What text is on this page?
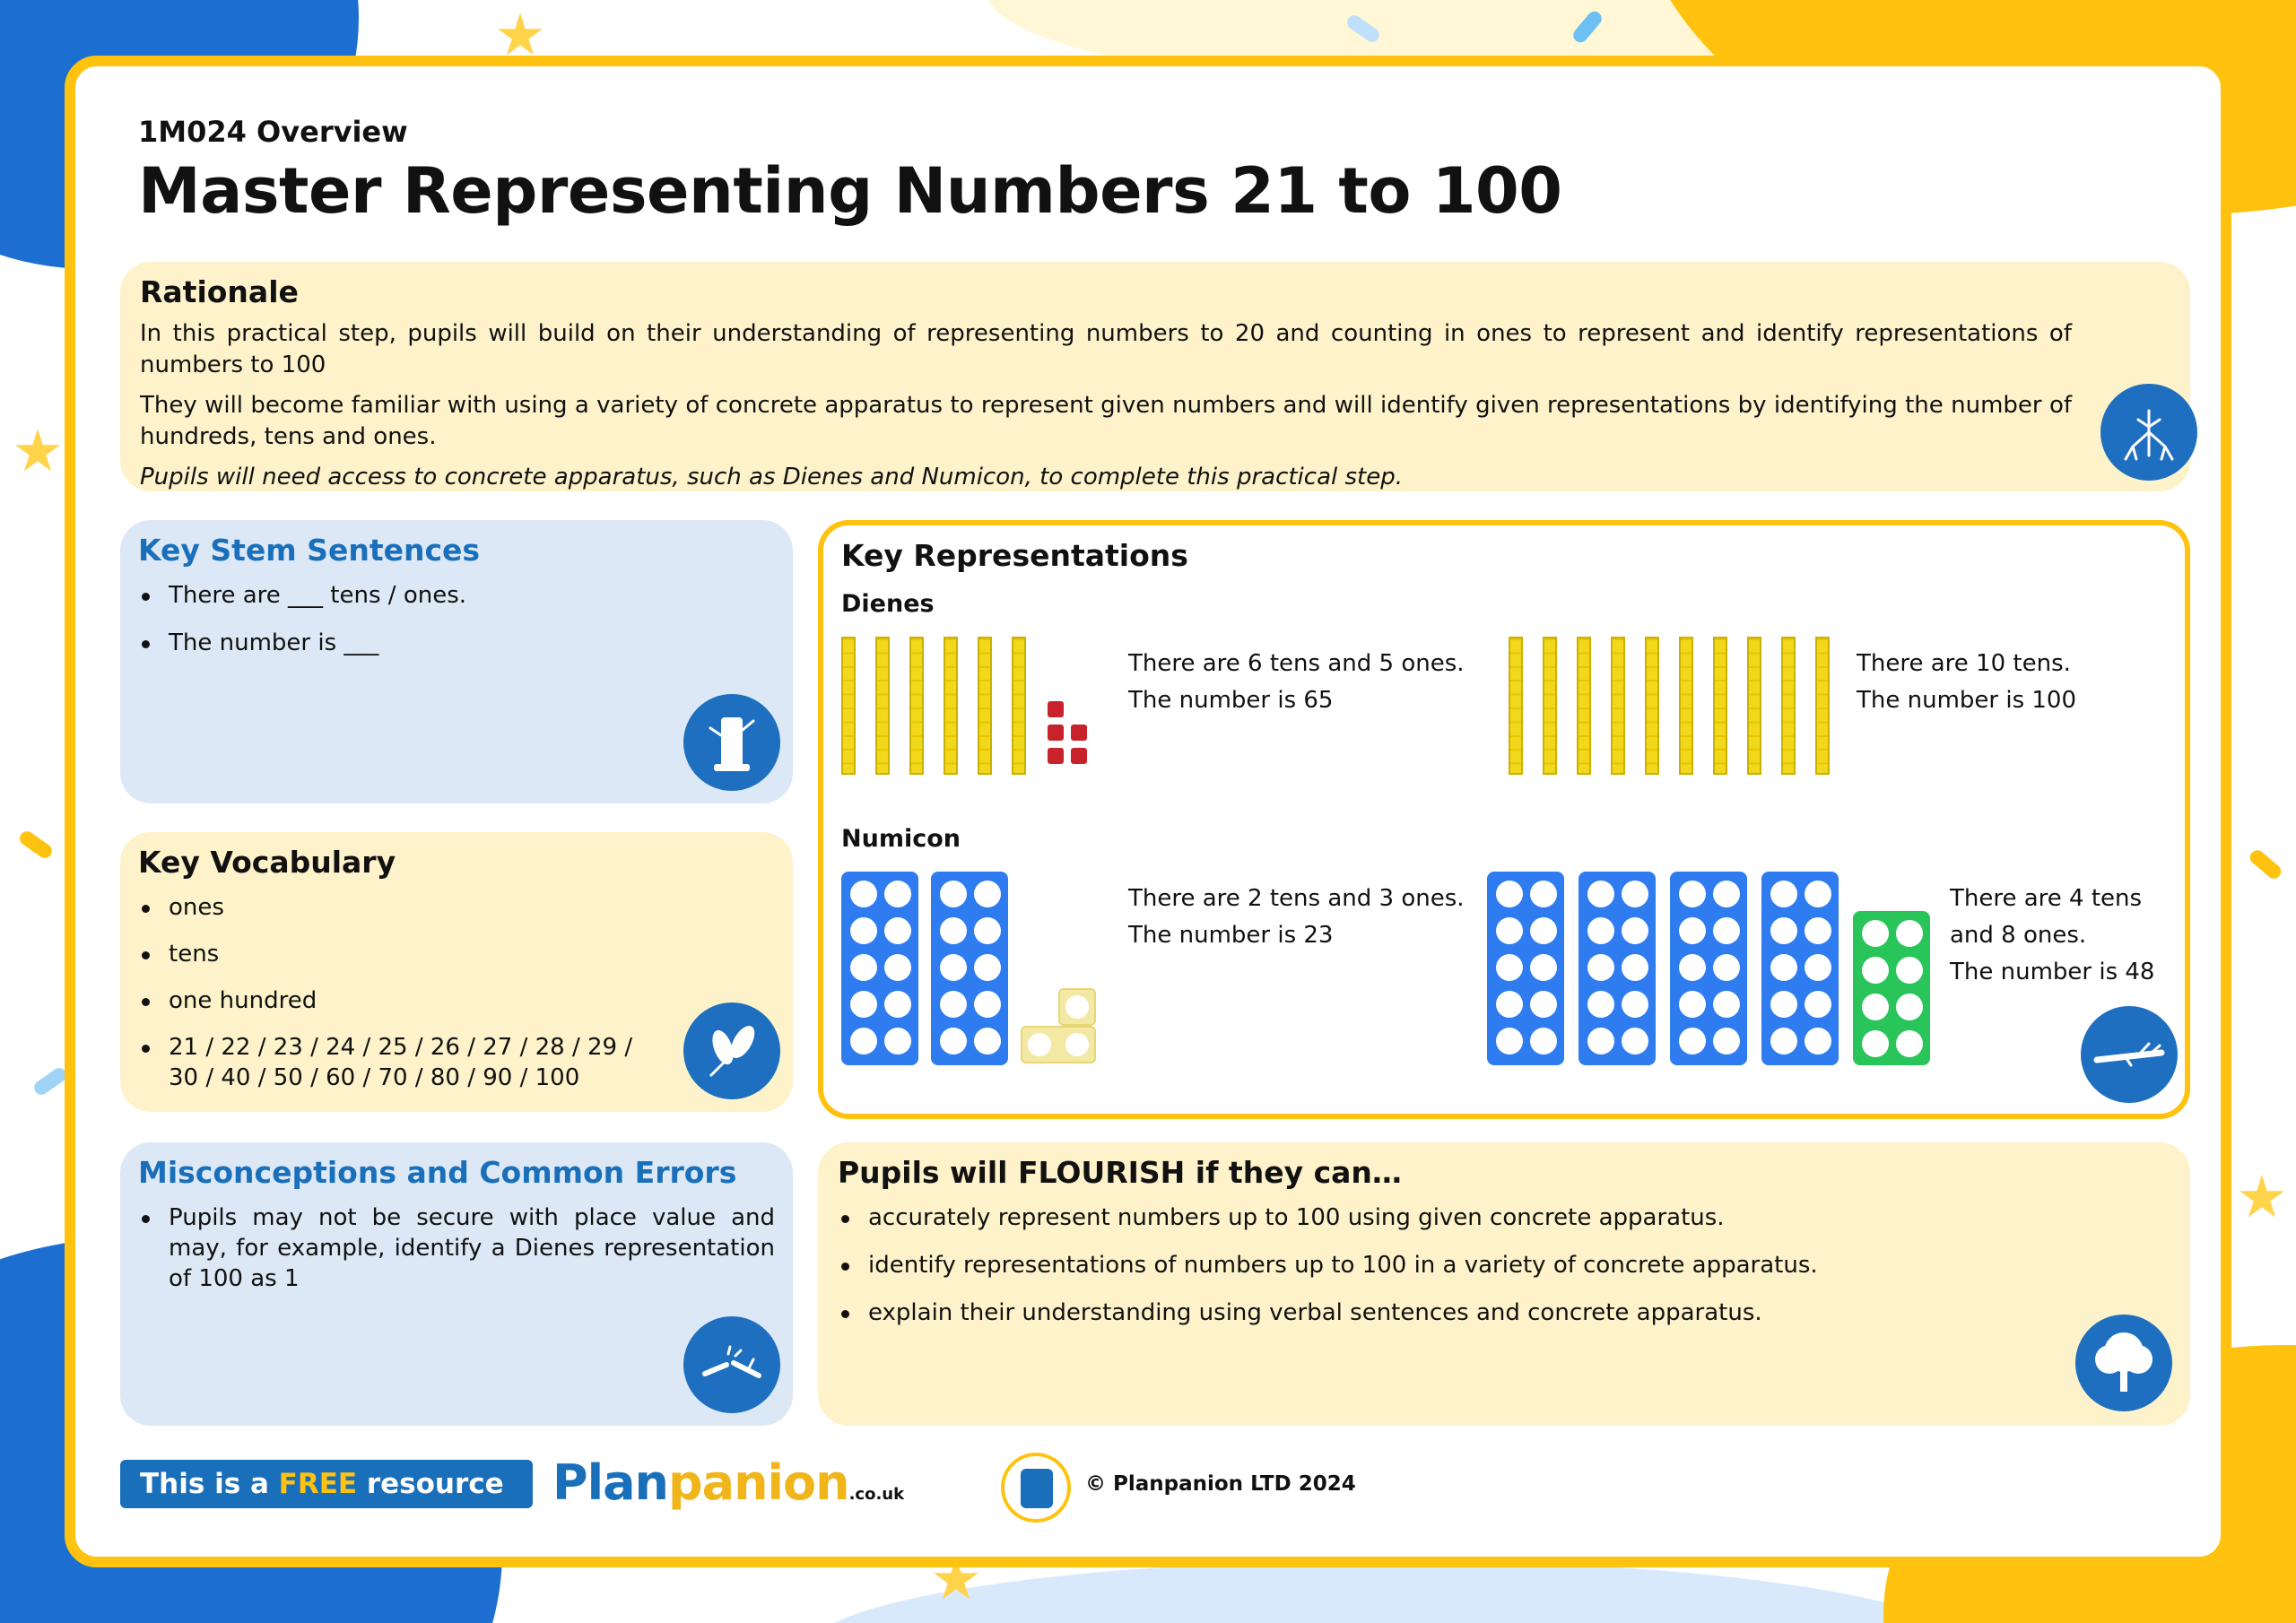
1M024 Overview
Master Representing Numbers 21 to 100
Rationale

In this practical step, pupils will build on their understanding of representing numbers to 20 and counting in ones to represent and identify representations of numbers to 100

They will become familiar with using a variety of concrete apparatus to represent given numbers and will identify given representations by identifying the number of hundreds, tens and ones.

Pupils will need access to concrete apparatus, such as Dienes and Numicon, to complete this practical step.

Key Stem Sentences
There are ___ tens / ones.
The number is ___
Key Vocabulary
ones
tens
one hundred
21 / 22 / 23 / 24 / 25 / 26 / 27 / 28 / 29 / 30 / 40 / 50 / 60 / 70 / 80 / 90 / 100
Misconceptions and Common Errors
Pupils may not be secure with place value and may, for example, identify a Dienes representation of 100 as 1
Key Representations
Dienes
Numicon
There are 6 tens and 5 ones.
The number is 65
There are 10 tens.
The number is 100
There are 2 tens and 3 ones.
The number is 23
There are 4 tens
and 8 ones.
The number is 48
Pupils will FLOURISH if they can…
accurately represent numbers up to 100 using given concrete apparatus.
identify representations of numbers up to 100 in a variety of concrete apparatus.
explain their understanding using verbal sentences and concrete apparatus.
This is a FREE resource from
Planpanion.co.uk	© Planpanion LTD 2024
